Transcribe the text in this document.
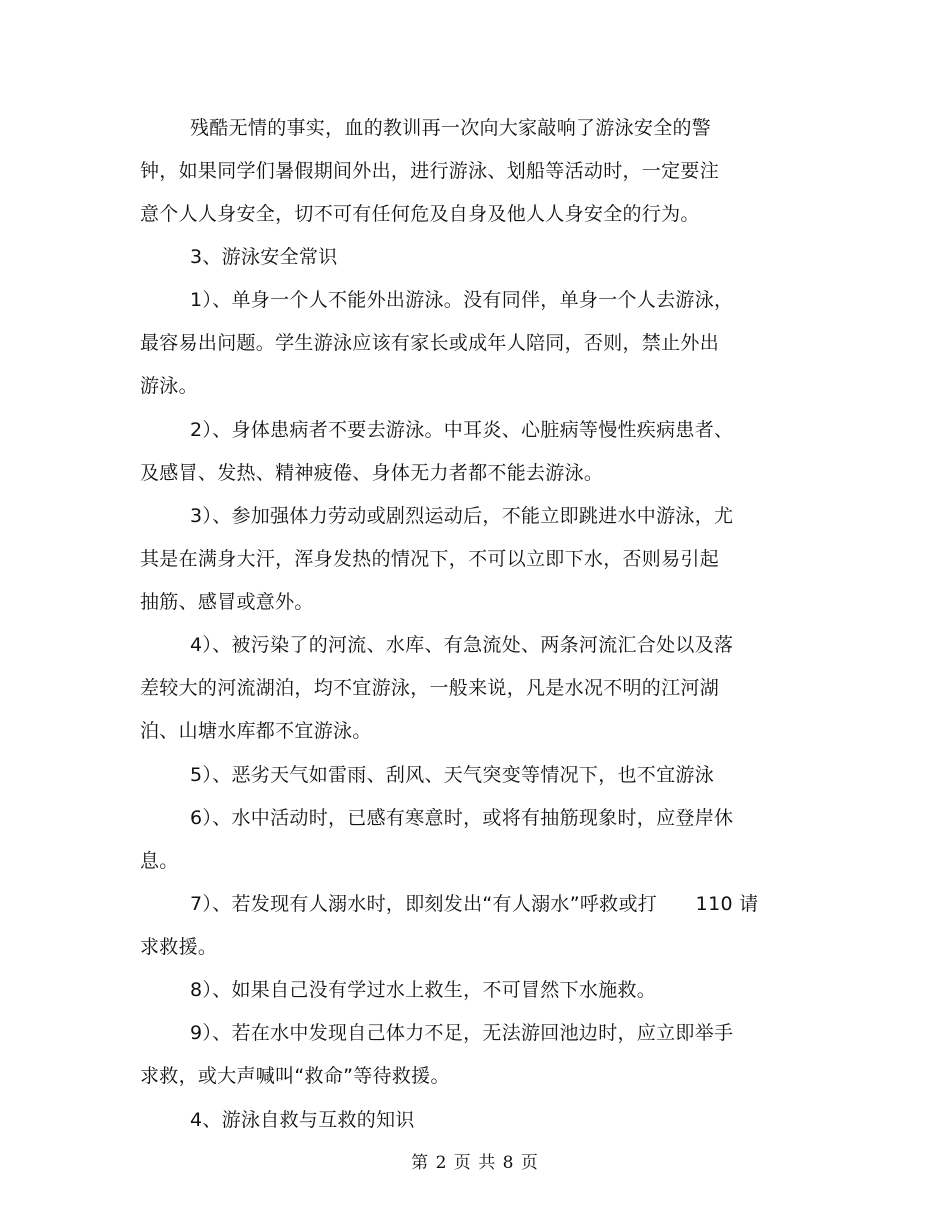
残酷无情的事实，血的教训再一次向大家敲响了游泳安全的警
钟，如果同学们暑假期间外出，进行游泳、划船等活动时，一定要注
意个人人身安全，切不可有任何危及自身及他人人身安全的行为。
3、游泳安全常识
1）、单身一个人不能外出游泳。没有同伴，单身一个人去游泳，
最容易出问题。学生游泳应该有家长或成年人陪同，否则，禁止外出
游泳。
2）、身体患病者不要去游泳。中耳炎、心脏病等慢性疾病患者、
及感冒、发热、精神疲倦、身体无力者都不能去游泳。
3）、参加强体力劳动或剧烈运动后，不能立即跳进水中游泳，尤
其是在满身大汗，浑身发热的情况下，不可以立即下水，否则易引起
抽筋、感冒或意外。
4）、被污染了的河流、水库、有急流处、两条河流汇合处以及落
差较大的河流湖泊，均不宜游泳，一般来说，凡是水况不明的江河湖
泊、山塘水库都不宜游泳。
5）、恶劣天气如雷雨、刮风、天气突变等情况下，也不宜游泳
6）、水中活动时，已感有寒意时，或将有抽筋现象时，应登岸休
息。
7）、若发现有人溺水时，即刻发出“有人溺水”呼救或打　　110 请
求救援。
8）、如果自己没有学过水上救生，不可冒然下水施救。
9）、若在水中发现自己体力不足，无法游回池边时，应立即举手
求救，或大声喊叫“救命”等待救援。
4、游泳自救与互救的知识
第 2 页 共 8 页
